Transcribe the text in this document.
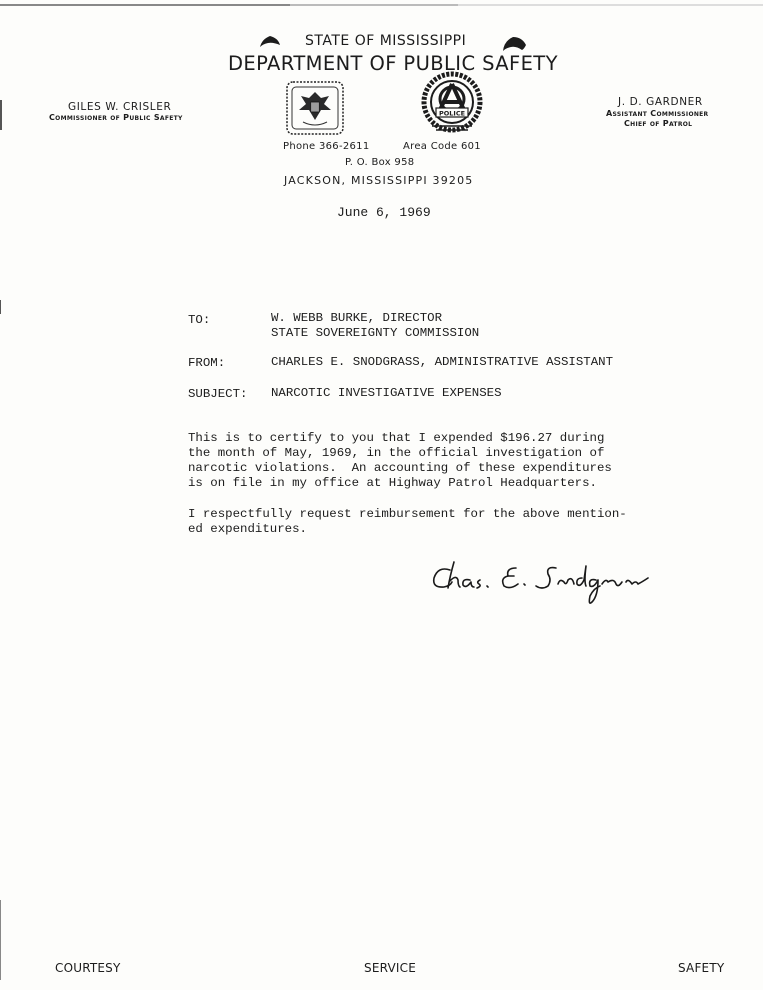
STATE OF MISSISSIPPI
DEPARTMENT OF PUBLIC SAFETY
GILES W. CRISLER
Commissioner of Public Safety
J. D. GARDNER
Assistant Commissioner
Chief of Patrol
POLICE
Phone 366-2611	Area Code 601
P. O. Box 958
JACKSON, MISSISSIPPI 39205
June 6, 1969
TO:	W. WEBB BURKE, DIRECTOR
STATE SOVEREIGNTY COMMISSION
FROM:	CHARLES E. SNODGRASS, ADMINISTRATIVE ASSISTANT
SUBJECT: NARCOTIC INVESTIGATIVE EXPENSES
This is to certify to you that I expended $196.27 during
the month of May, 1969, in the official investigation of
narcotic violations.  An accounting of these expenditures
is on file in my office at Highway Patrol Headquarters.
I respectfully request reimbursement for the above mention-
ed expenditures.
Chas. E. Snodgrass
COURTESY	SERVICE	SAFETY
